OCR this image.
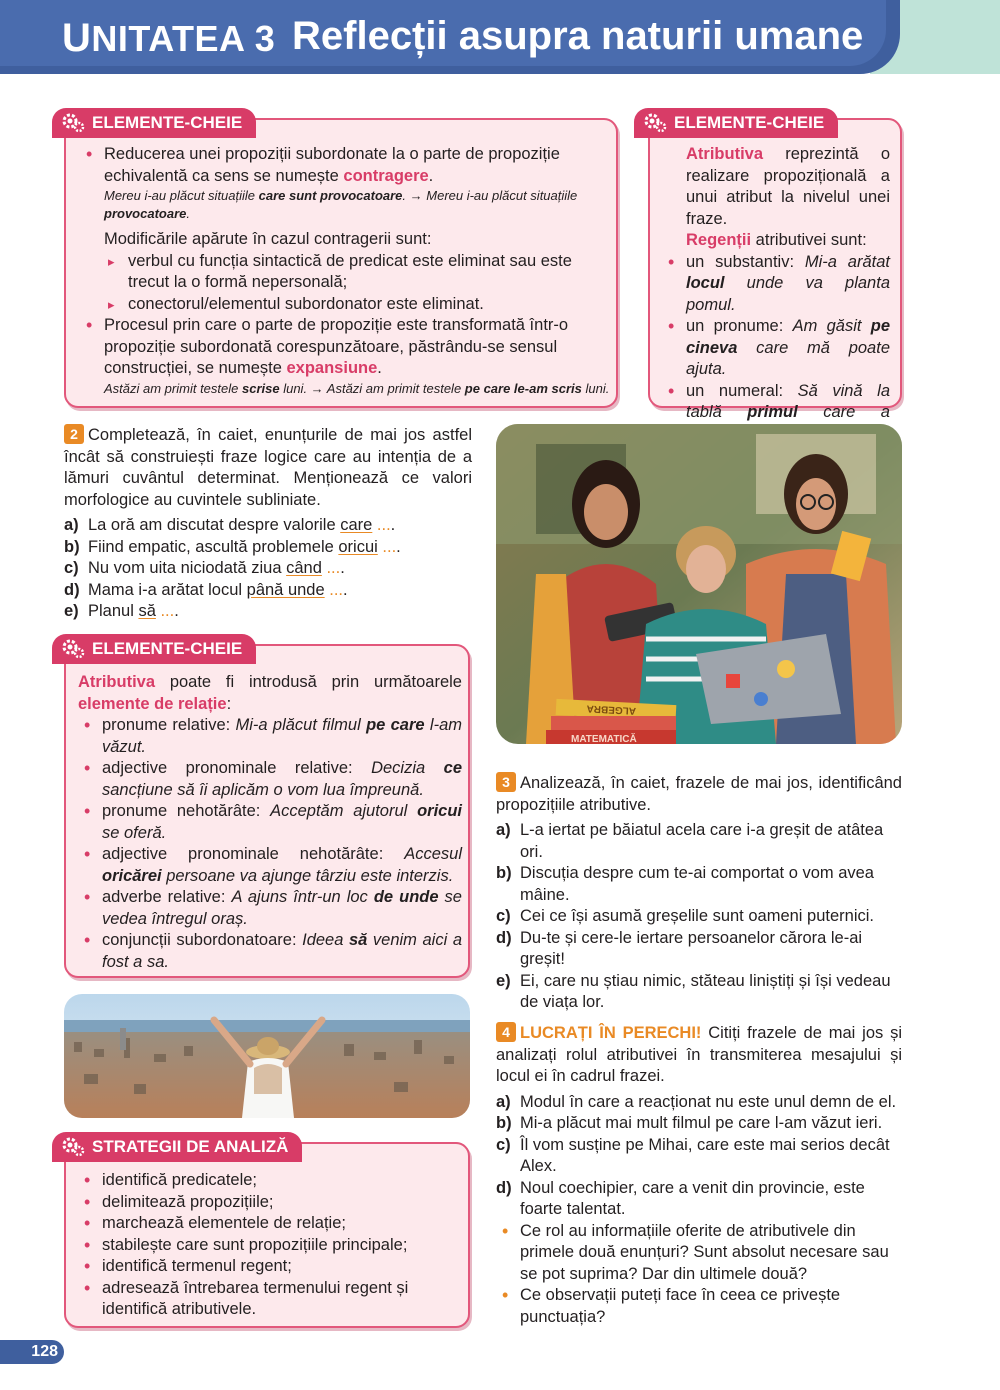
UNITATEA 3 Reflecții asupra naturii umane
• Reducerea unei propoziții subordonate la o parte de propoziție echivalentă ca sens se numește contragere.
Mereu i-au plăcut situațiile care sunt provocatoare. → Mereu i-au plăcut situațiile provocatoare.
Modificările apărute în cazul contragerii sunt:
▸ verbul cu funcția sintactică de predicat este eliminat sau este trecut la o formă nepersonală;
▸ conectorul/elementul subordonator este eliminat.
• Procesul prin care o parte de propoziție este transformată într-o propoziție subordonată corespunzătoare, păstrându-se sensul construcției, se numește expansiune.
Astăzi am primit testele scrise luni. → Astăzi am primit testele pe care le-am scris luni.
ELEMENTE-CHEIE
Atributiva reprezintă o realizare propozițională a unui atribut la nivelul unei fraze.
Regenții atributivei sunt:
• un substantiv: Mi-a arătat locul unde va planta pomul.
• un pronume: Am găsit pe cineva care mă poate ajuta.
• un numeral: Să vină la tablă primul care a
ELEMENTE-CHEIE
2 Completează, în caiet, enunțurile de mai jos astfel încât să construiești fraze logice care au intenția de a lămuri cuvântul determinat. Menționează ce valori morfologice au cuvintele subliniate.
a) La oră am discutat despre valorile care ....
b) Fiind empatic, ascultă problemele oricui ....
c) Nu vom uita niciodată ziua când ....
d) Mama i-a arătat locul până unde ....
e) Planul să ....
ALGEBRA
MATEMATICĂ
Atributiva poate fi introdusă prin următoarele elemente de relație:
• pronume relative: Mi-a plăcut filmul pe care l-am văzut.
• adjective pronominale relative: Decizia ce sancțiune să îi aplicăm o vom lua împreună.
• pronume nehotărâte: Acceptăm ajutorul oricui se oferă.
• adjective pronominale nehotărâte: Accesul oricărei persoane va ajunge târziu este interzis.
• adverbe relative: A ajuns într-un loc de unde se vedea întregul oraș.
• conjuncții subordonatoare: Ideea să venim aici a fost a sa.
ELEMENTE-CHEIE
• identifică predicatele;
• delimitează propozițiile;
• marchează elementele de relație;
• stabilește care sunt propozițiile principale;
• identifică termenul regent;
• adresează întrebarea termenului regent și identifică atributivele.
STRATEGII DE ANALIZĂ
3 Analizează, în caiet, frazele de mai jos, identificând propozițiile atributive.
a) L-a iertat pe băiatul acela care i-a greșit de atâtea ori.
b) Discuția despre cum te-ai comportat o vom avea mâine.
c) Cei ce își asumă greșelile sunt oameni puternici.
d) Du-te și cere-le iertare persoanelor cărora le-ai greșit!
e) Ei, care nu știau nimic, stăteau liniștiți și își vedeau de viața lor.
4 LUCRAȚI ÎN PERECHI! Citiți frazele de mai jos și analizați rolul atributivei în transmiterea mesajului și locul ei în cadrul frazei.
a) Modul în care a reacționat nu este unul demn de el.
b) Mi-a plăcut mai mult filmul pe care l-am văzut ieri.
c) Îl vom susține pe Mihai, care este mai serios decât Alex.
d) Noul coechipier, care a venit din provincie, este foarte talentat.
• Ce rol au informațiile oferite de atributivele din primele două enunțuri? Sunt absolut necesare sau se pot suprima? Dar din ultimele două?
• Ce observații puteți face în ceea ce privește punctuația?
128
